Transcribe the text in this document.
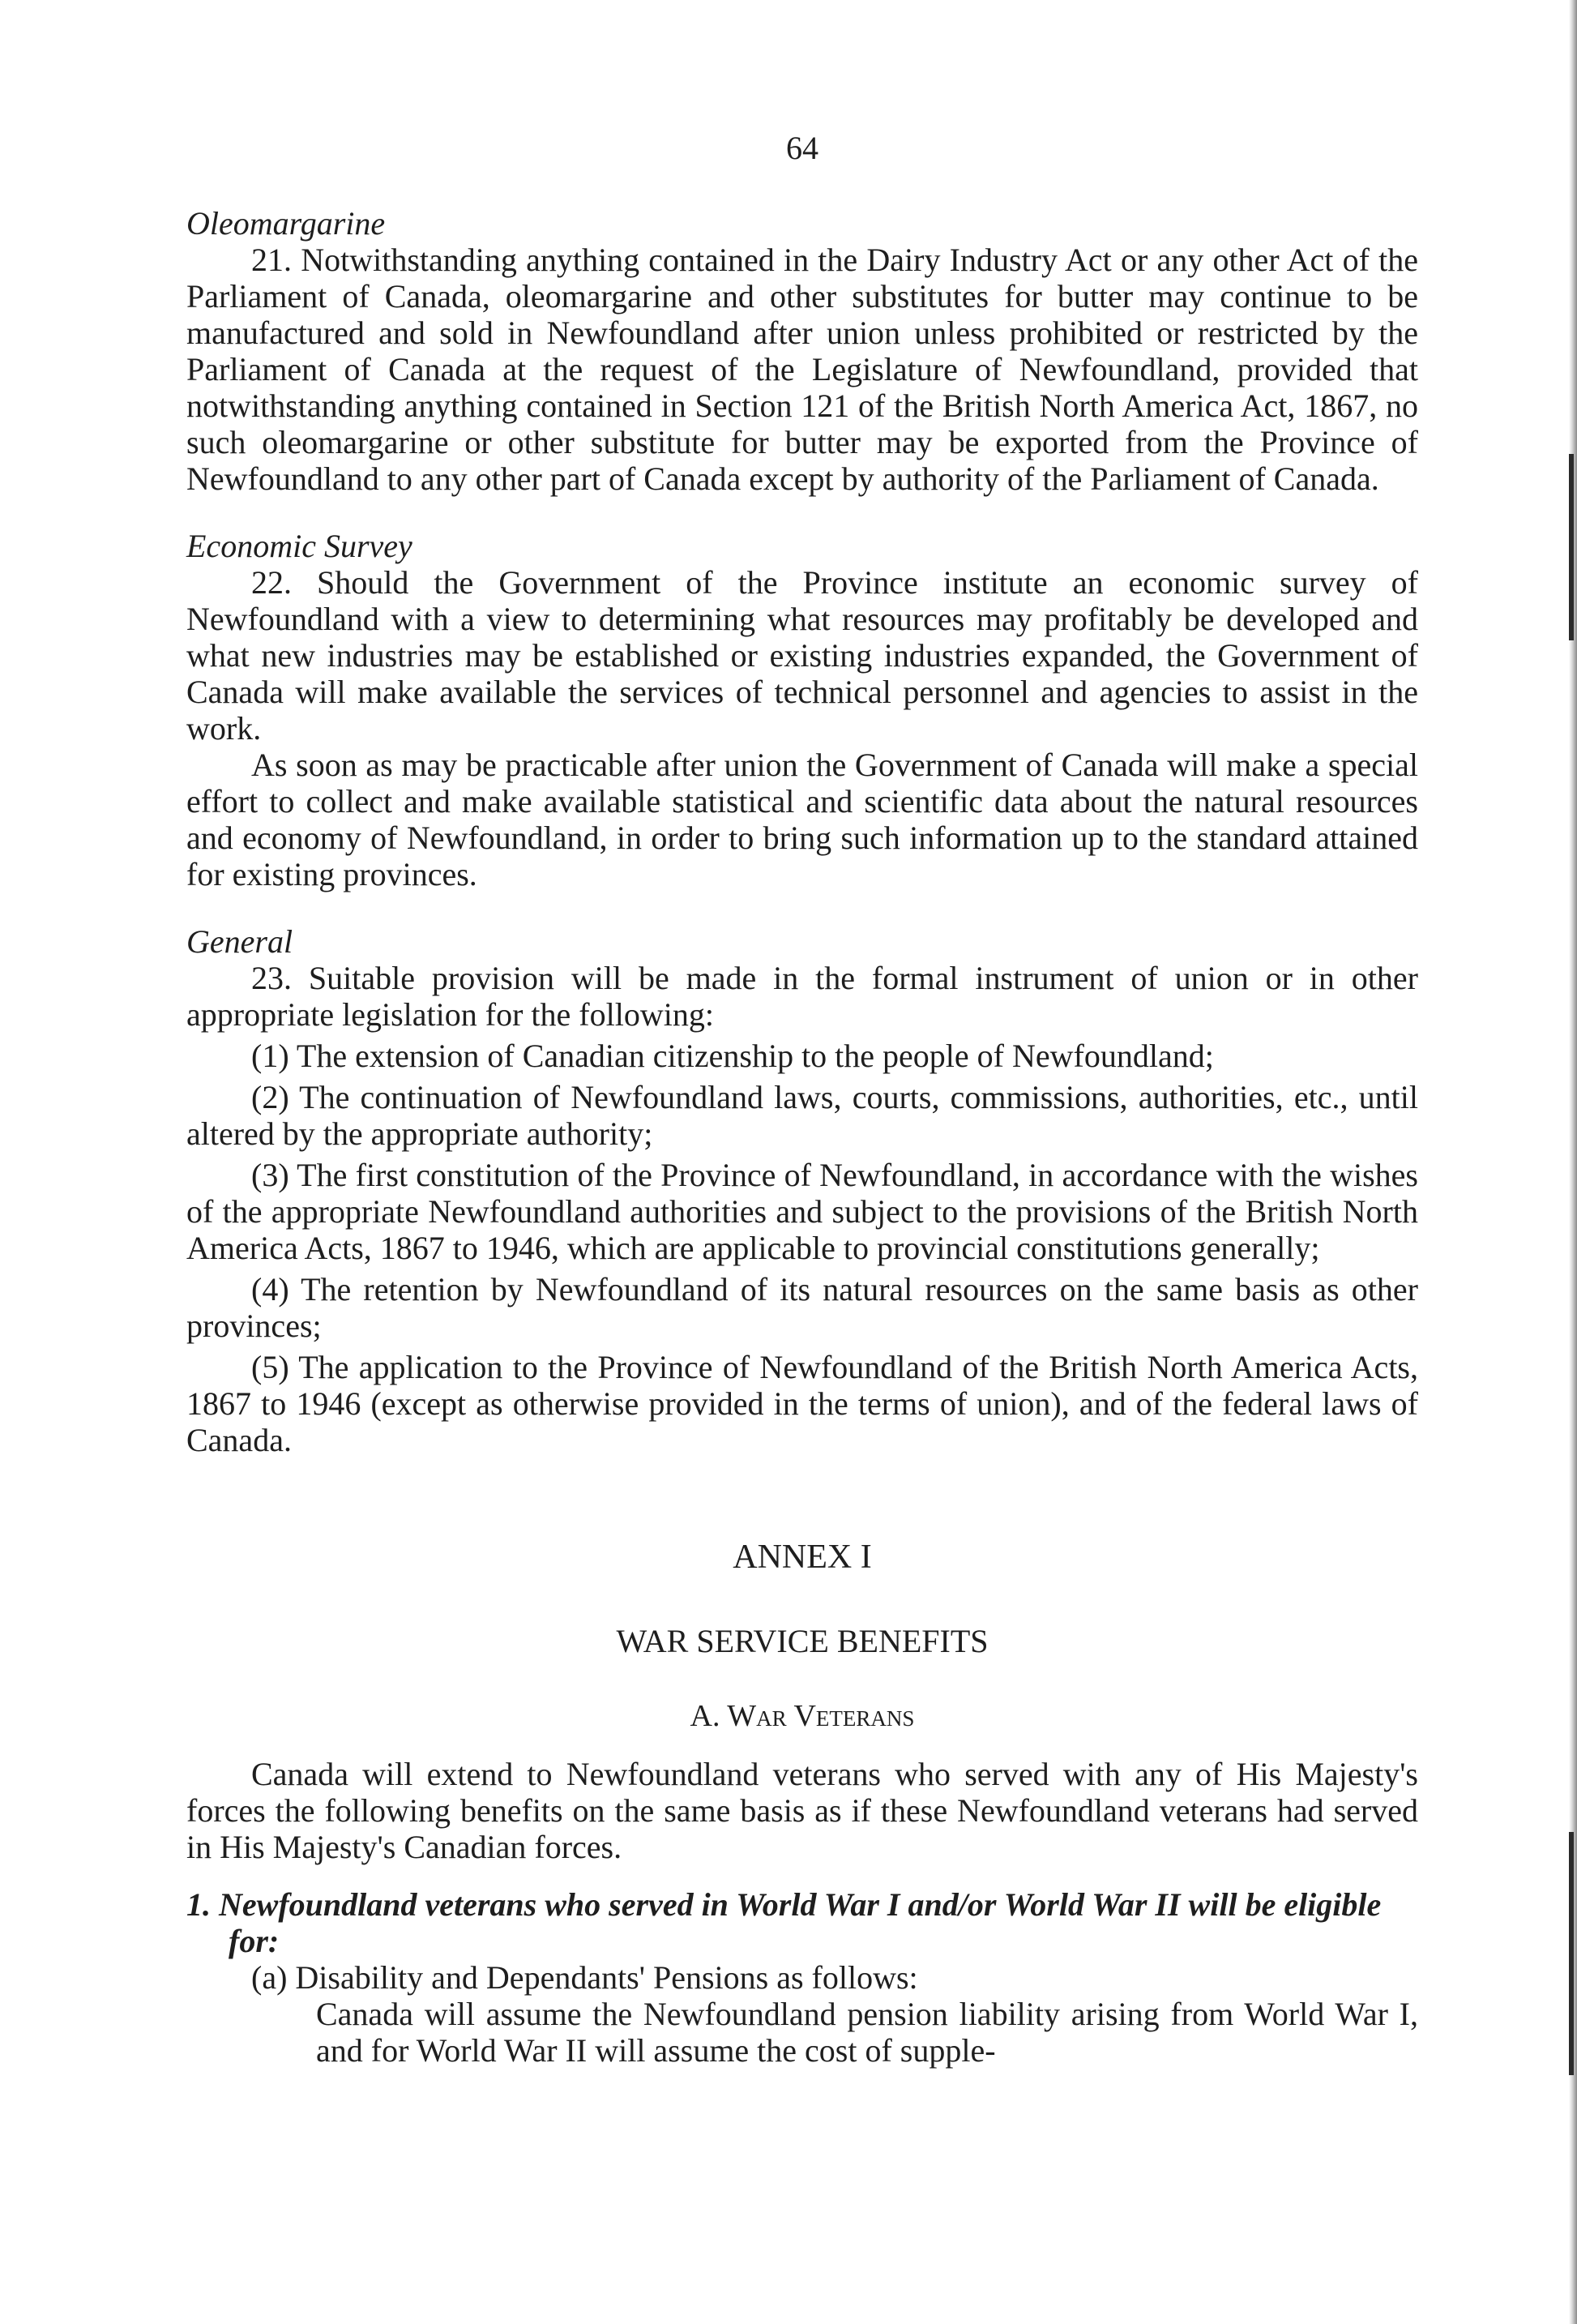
64

Oleomargarine

21. Notwithstanding anything contained in the Dairy Industry Act or any other Act of the Parliament of Canada, oleomargarine and other substitutes for butter may continue to be manufactured and sold in Newfoundland after union unless prohibited or restricted by the Parliament of Canada at the request of the Legislature of Newfoundland, provided that notwithstanding anything contained in Section 121 of the British North America Act, 1867, no such oleomargarine or other substitute for butter may be exported from the Province of Newfoundland to any other part of Canada except by authority of the Parliament of Canada.

Economic Survey

22. Should the Government of the Province institute an economic survey of Newfoundland with a view to determining what resources may profitably be developed and what new industries may be established or existing industries expanded, the Government of Canada will make available the services of technical personnel and agencies to assist in the work.

As soon as may be practicable after union the Government of Canada will make a special effort to collect and make available statistical and scientific data about the natural resources and economy of Newfoundland, in order to bring such information up to the standard attained for existing provinces.

General

23. Suitable provision will be made in the formal instrument of union or in other appropriate legislation for the following:

(1) The extension of Canadian citizenship to the people of Newfoundland;

(2) The continuation of Newfoundland laws, courts, commissions, authorities, etc., until altered by the appropriate authority;

(3) The first constitution of the Province of Newfoundland, in accordance with the wishes of the appropriate Newfoundland authorities and subject to the provisions of the British North America Acts, 1867 to 1946, which are applicable to provincial constitutions generally;

(4) The retention by Newfoundland of its natural resources on the same basis as other provinces;

(5) The application to the Province of Newfoundland of the British North America Acts, 1867 to 1946 (except as otherwise provided in the terms of union), and of the federal laws of Canada.

ANNEX I
WAR SERVICE BENEFITS
A. War Veterans

Canada will extend to Newfoundland veterans who served with any of His Majesty's forces the following benefits on the same basis as if these Newfoundland veterans had served in His Majesty's Canadian forces.

1. Newfoundland veterans who served in World War I and/or World War II will be eligible for:

(a) Disability and Dependants' Pensions as follows:

Canada will assume the Newfoundland pension liability arising from World War I, and for World War II will assume the cost of supple-
